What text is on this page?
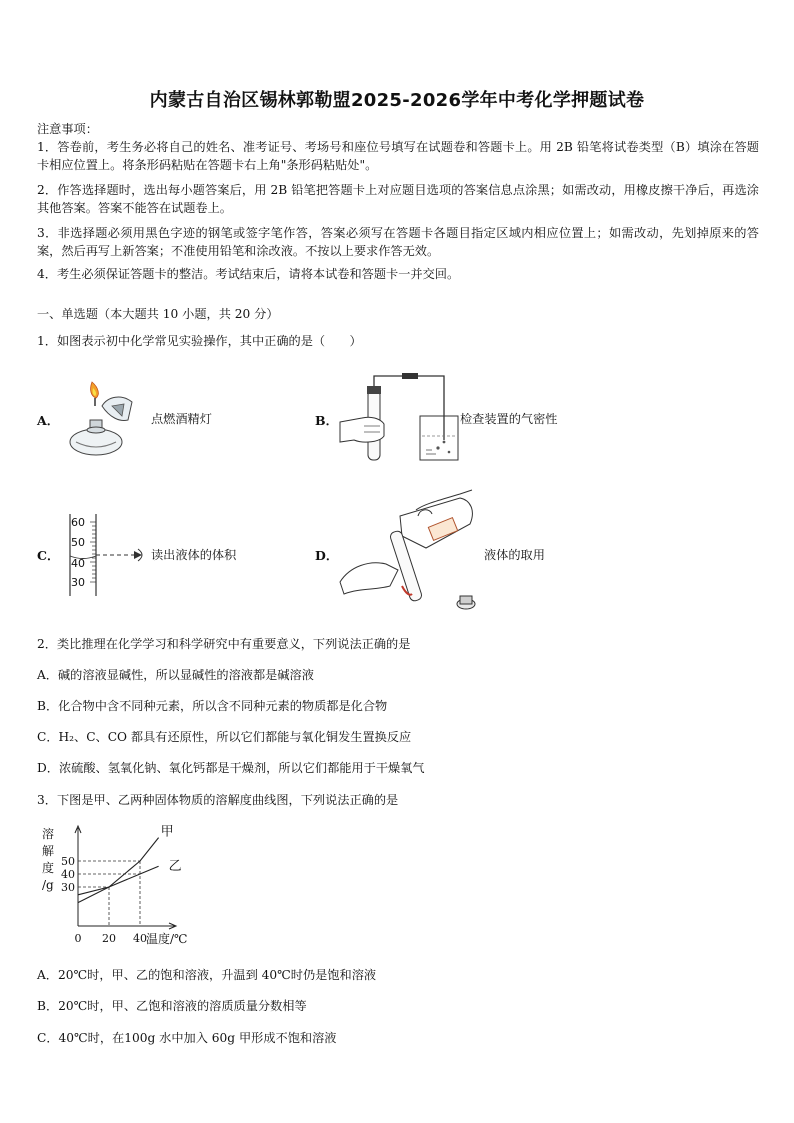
内蒙古自治区锡林郭勒盟2025-2026学年中考化学押题试卷
注意事项：
1．答卷前，考生务必将自己的姓名、准考证号、考场号和座位号填写在试题卷和答题卡上。用 2B 铅笔将试卷类型（B）填涂在答题卡相应位置上。将条形码粘贴在答题卡右上角"条形码粘贴处"。
2．作答选择题时，选出每小题答案后，用 2B 铅笔把答题卡上对应题目选项的答案信息点涂黑；如需改动，用橡皮擦干净后，再选涂其他答案。答案不能答在试题卷上。
3．非选择题必须用黑色字迹的钢笔或签字笔作答，答案必须写在答题卡各题目指定区域内相应位置上；如需改动，先划掉原来的答案，然后再写上新答案；不准使用铅笔和涂改液。不按以上要求作答无效。
4．考生必须保证答题卡的整洁。考试结束后，请将本试卷和答题卡一并交回。
一、单选题（本大题共 10 小题，共 20 分）
1．如图表示初中化学常见实验操作，其中正确的是（　　）
A．	点燃酒精灯	B．	检查装置的气密性
C．
60
50
40
30
读出液体的体积	D．	液体的取用
2．类比推理在化学学习和科学研究中有重要意义，下列说法正确的是
A．碱的溶液显碱性，所以显碱性的溶液都是碱溶液
B．化合物中含不同种元素，所以含不同种元素的物质都是化合物
C．H₂、C、CO 都具有还原性，所以它们都能与氧化铜发生置换反应
D．浓硫酸、氢氧化钠、氧化钙都是干燥剂，所以它们都能用于干燥氧气
3．下图是甲、乙两种固体物质的溶解度曲线图，下列说法正确的是
溶
解
度
/g
50
40
30
0 20 40 温度/℃
甲
乙
A．20℃时，甲、乙的饱和溶液，升温到 40℃时仍是饱和溶液
B．20℃时，甲、乙饱和溶液的溶质质量分数相等
C．40℃时，在100g 水中加入 60g 甲形成不饱和溶液
